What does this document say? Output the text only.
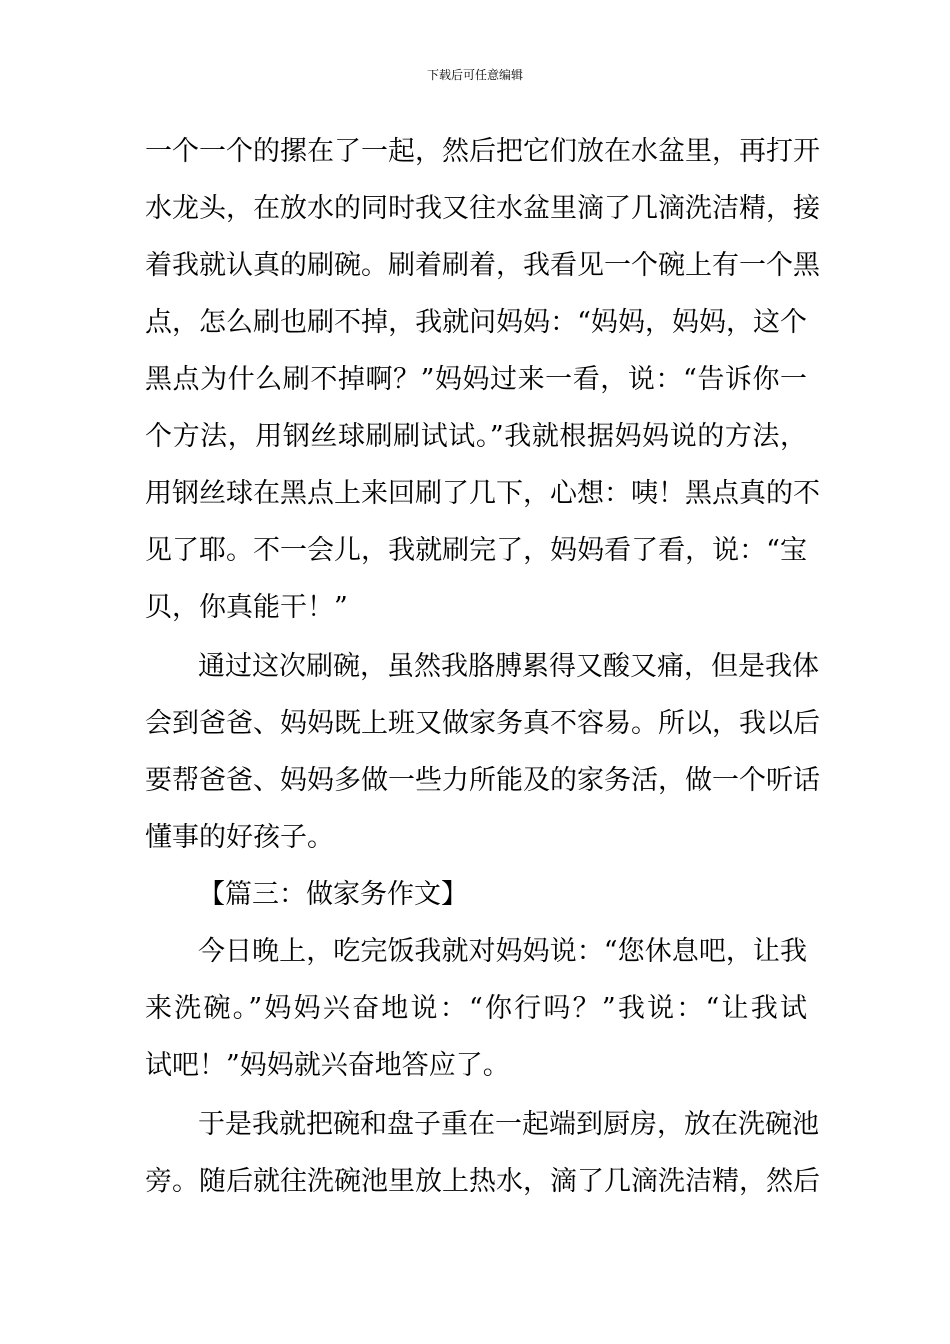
下载后可任意编辑
一个一个的摞在了一起，然后把它们放在水盆里，再打开
水龙头，在放水的同时我又往水盆里滴了几滴洗洁精，接
着我就认真的刷碗。刷着刷着，我看见一个碗上有一个黑
点，怎么刷也刷不掉，我就问妈妈：“妈妈，妈妈，这个
黑点为什么刷不掉啊？”妈妈过来一看，说：“告诉你一
个方法，用钢丝球刷刷试试。”我就根据妈妈说的方法，
用钢丝球在黑点上来回刷了几下，心想：咦！黑点真的不
见了耶。不一会儿，我就刷完了，妈妈看了看，说：“宝
贝，你真能干！”
通过这次刷碗，虽然我胳膊累得又酸又痛，但是我体
会到爸爸、妈妈既上班又做家务真不容易。所以，我以后
要帮爸爸、妈妈多做一些力所能及的家务活，做一个听话
懂事的好孩子。
【篇三：做家务作文】
今日晚上，吃完饭我就对妈妈说：“您休息吧，让我
来洗碗。”妈妈兴奋地说：“你行吗？”我说：“让我试
试吧！”妈妈就兴奋地答应了。
于是我就把碗和盘子重在一起端到厨房，放在洗碗池
旁。随后就往洗碗池里放上热水，滴了几滴洗洁精，然后
